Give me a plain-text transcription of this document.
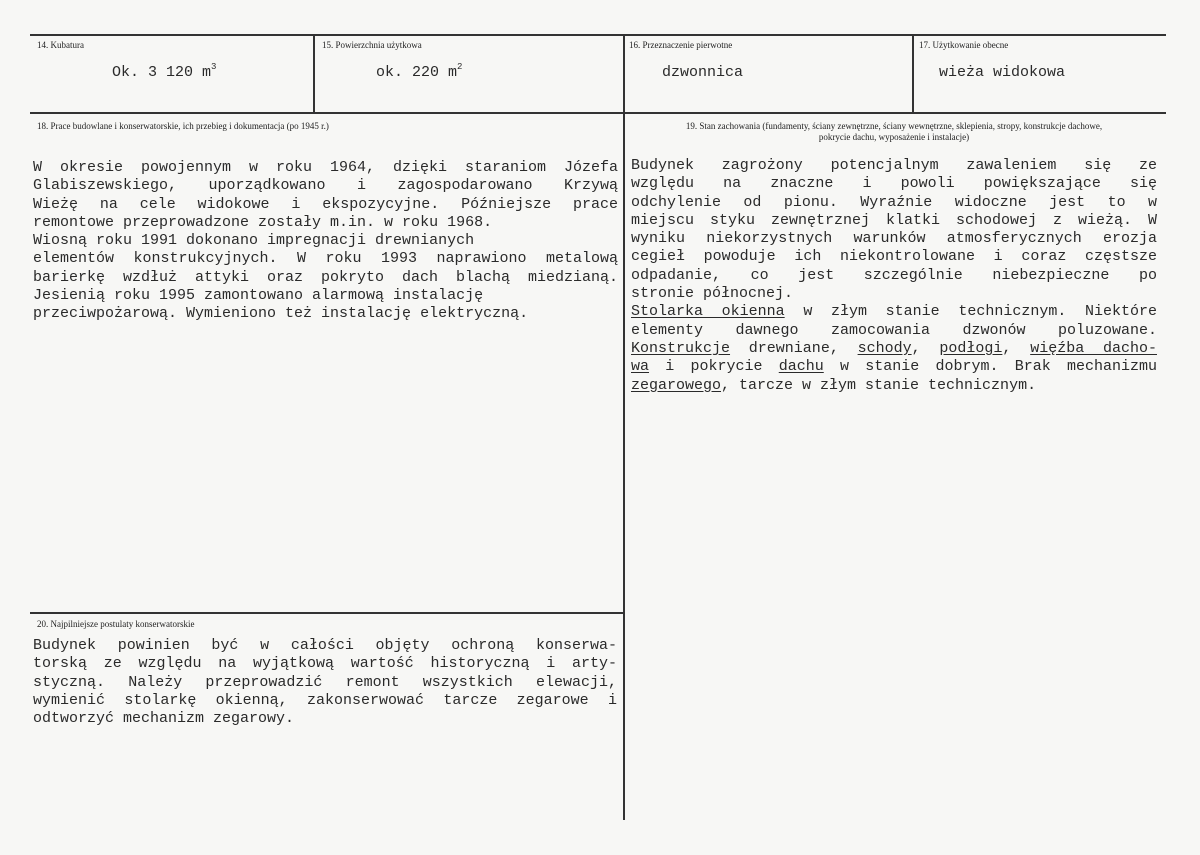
14. Kubatura
Ok. 3 120 $m^3$
15. Powierzchnia użytkowa
ok. 220 $m^2$
16. Przeznaczenie pierwotne
dzwonnica
17. Użytkowanie obecne
wieża widokowa
18. Prace budowlane i konserwatorskie, ich przebieg i dokumentacja (po 1945 r.)
W okresie powojennym w roku 1964, dzięki staraniom Józefa
Glabiszewskiego, uporządkowano i zagospodarowano Krzywą
Wieżę na cele widokowe i ekspozycyjne. Późniejsze prace
remontowe przeprowadzone zostały m.in. w roku 1968.
Wiosną roku 1991 dokonano impregnacji drewnianych
elementów konstrukcyjnych. W roku 1993 naprawiono metalową
barierkę wzdłuż attyki oraz pokryto dach blachą miedzianą.
Jesienią roku 1995 zamontowano alarmową instalację
przeciwpożarową. Wymieniono też instalację elektryczną.
19. Stan zachowania (fundamenty, ściany zewnętrzne, ściany wewnętrzne, sklepienia, stropy, konstrukcje dachowe,
pokrycie dachu, wyposażenie i instalacje)
Budynek zagrożony potencjalnym zawaleniem się ze
względu na znaczne i powoli powiększające się
odchylenie od pionu. Wyraźnie widoczne jest to w
miejscu styku zewnętrznej klatki schodowej z wieżą. W
wyniku niekorzystnych warunków atmosferycznych erozja
cegieł powoduje ich niekontrolowane i coraz częstsze
odpadanie, co jest szczególnie niebezpieczne po
stronie północnej.
Stolarka okienna w złym stanie technicznym. Niektóre
elementy dawnego zamocowania dzwonów poluzowane.
Konstrukcje drewniane, schody, podłogi, więźba dacho-
wa i pokrycie dachu w stanie dobrym. Brak mechanizmu
zegarowego, tarcze w złym stanie technicznym.
20. Najpilniejsze postulaty konserwatorskie
Budynek powinien być w całości objęty ochroną konserwa-
torską ze względu na wyjątkową wartość historyczną i arty-
styczną. Należy przeprowadzić remont wszystkich elewacji,
wymienić stolarkę okienną, zakonserwować tarcze zegarowe i
odtworzyć mechanizm zegarowy.
